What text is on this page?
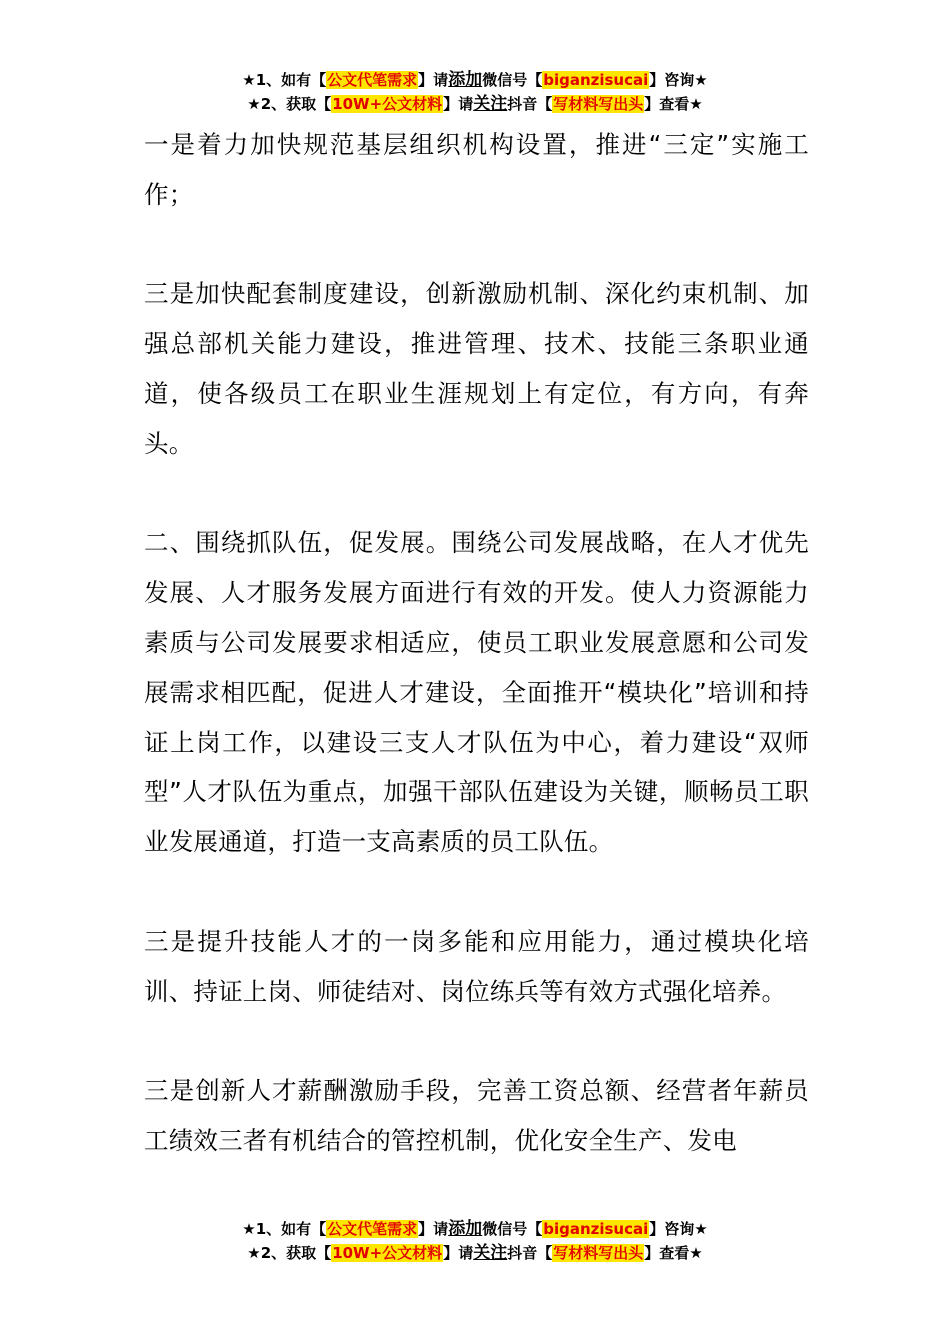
★1、如有【公文代笔需求】请添加微信号【biganzisucai】咨询★
★2、获取【10W+公文材料】请关注抖音【写材料写出头】查看★

一是着力加快规范基层组织机构设置，推进“三定”实施工作；

三是加快配套制度建设，创新激励机制、深化约束机制、加强总部机关能力建设，推进管理、技术、技能三条职业通道，使各级员工在职业生涯规划上有定位，有方向，有奔头。

二、围绕抓队伍，促发展。围绕公司发展战略，在人才优先发展、人才服务发展方面进行有效的开发。使人力资源能力素质与公司发展要求相适应，使员工职业发展意愿和公司发展需求相匹配，促进人才建设，全面推开“模块化”培训和持证上岗工作，以建设三支人才队伍为中心，着力建设“双师型”人才队伍为重点，加强干部队伍建设为关键，顺畅员工职业发展通道，打造一支高素质的员工队伍。

三是提升技能人才的一岗多能和应用能力，通过模块化培训、持证上岗、师徒结对、岗位练兵等有效方式强化培养。

三是创新人才薪酬激励手段，完善工资总额、经营者年薪员工绩效三者有机结合的管控机制，优化安全生产、发电

★1、如有【公文代笔需求】请添加微信号【biganzisucai】咨询★
★2、获取【10W+公文材料】请关注抖音【写材料写出头】查看★
